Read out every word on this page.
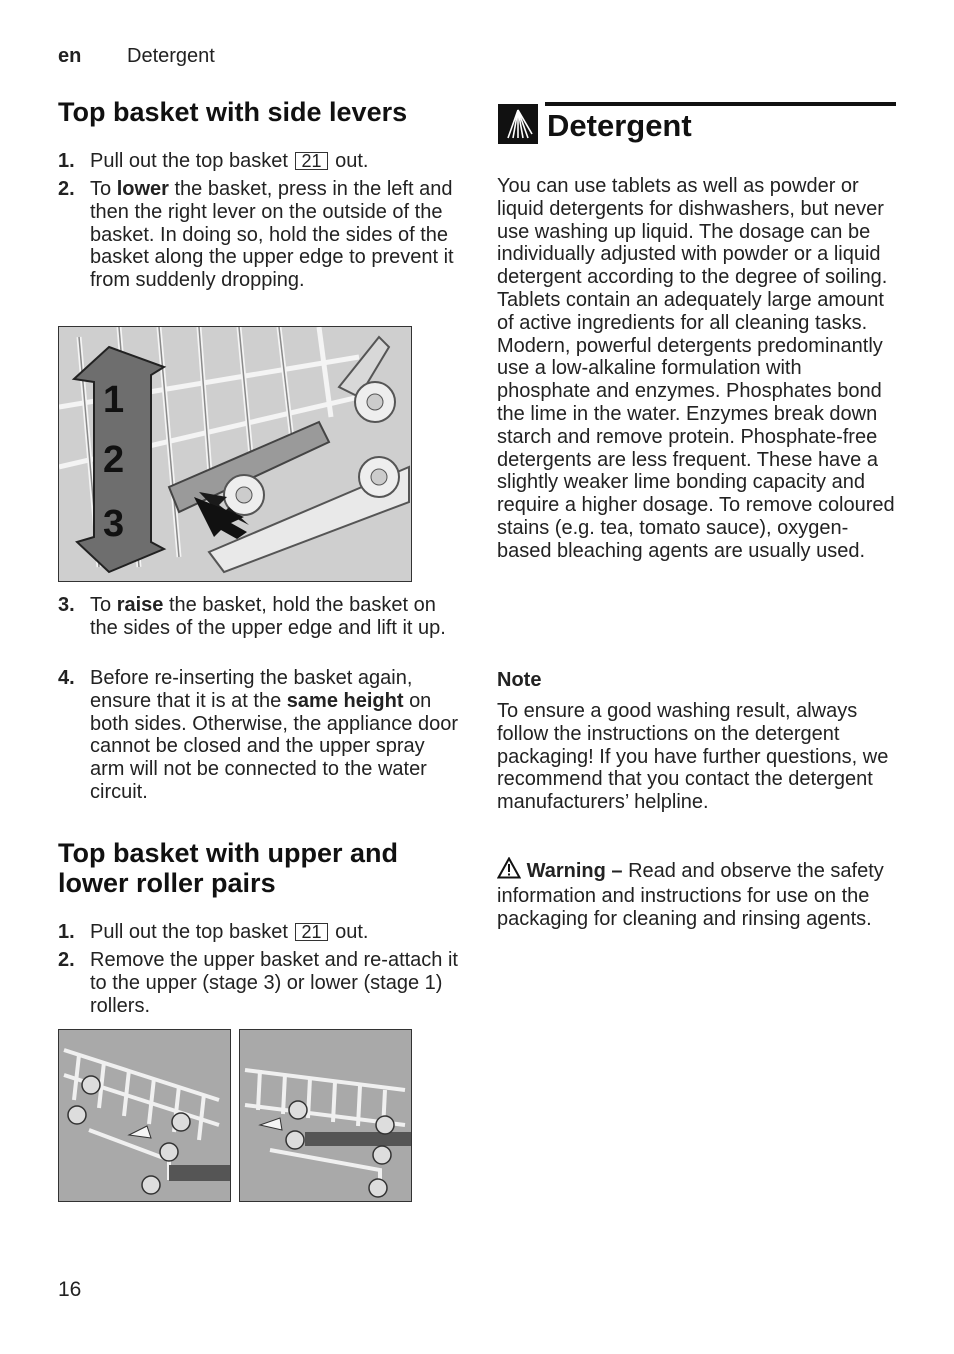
en Detergent
Top basket with side levers
1. Pull out the top basket 21 out.
2. To lower the basket, press in the left and then the right lever on the outside of the basket. In doing so, hold the sides of the basket along the upper edge to prevent it from suddenly dropping.
1
2
3
3. To raise the basket, hold the basket on the sides of the upper edge and lift it up.
4. Before re-inserting the basket again, ensure that it is at the same height on both sides. Otherwise, the appliance door cannot be closed and the upper spray arm will not be connected to the water circuit.
Top basket with upper and lower roller pairs
1. Pull out the top basket 21 out.
2. Remove the upper basket and re-attach it to the upper (stage 3) or lower (stage 1) rollers.
Detergent
You can use tablets as well as powder or liquid detergents for dishwashers, but never use washing up liquid. The dosage can be individually adjusted with powder or a liquid detergent according to the degree of soiling. Tablets contain an adequately large amount of active ingredients for all cleaning tasks. Modern, powerful detergents predominantly use a low-alkaline formulation with phosphate and enzymes. Phosphates bond the lime in the water. Enzymes break down starch and remove protein. Phosphate-free detergents are less frequent. These have a slightly weaker lime bonding capacity and require a higher dosage. To remove coloured stains (e.g. tea, tomato sauce), oxygen-based bleaching agents are usually used.
Note
To ensure a good washing result, always follow the instructions on the detergent packaging! If you have further questions, we recommend that you contact the detergent manufacturers’ helpline.
Warning – Read and observe the safety information and instructions for use on the packaging for cleaning and rinsing agents.
16
